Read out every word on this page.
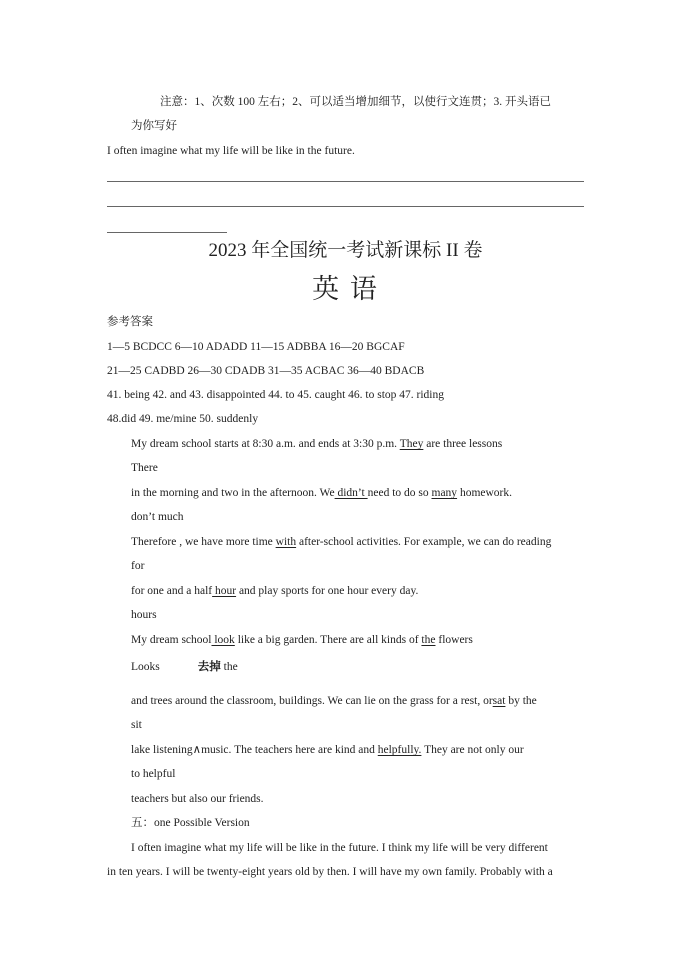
注意：1、次数 100 左右；2、可以适当增加细节，以使行文连贯；3. 开头语已
为你写好
I often imagine what my life will be like in the future.
2023 年全国统一考试新课标 II 卷
英 语
参考答案
1—5 BCDCC 6—10 ADADD 11—15 ADBBA 16—20 BGCAF
21—25 CADBD 26—30 CDADB 31—35 ACBAC 36—40 BDACB
41. being 42. and 43. disappointed 44. to 45. caught 46. to stop 47. riding
48.did 49. me/mine 50. suddenly
My dream school starts at 8:30 a.m. and ends at 3:30 p.m. They are three lessons
There
in the morning and two in the afternoon. We didn’t need to do so many homework.
don’t much
Therefore , we have more time with after-school activities. For example, we can do reading
for
for one and a half hour and play sports for one hour every day.
hours
My dream school look like a big garden. There are all kinds of the flowers
Looks	去掉 the
and trees around the classroom, buildings. We can lie on the grass for a rest, orsat by the
sit
lake listening∧music. The teachers here are kind and helpfully. They are not only our
to helpful
teachers but also our friends.
五：one Possible Version
I often imagine what my life will be like in the future. I think my life will be very different
in ten years. I will be twenty-eight years old by then. I will have my own family. Probably with a
